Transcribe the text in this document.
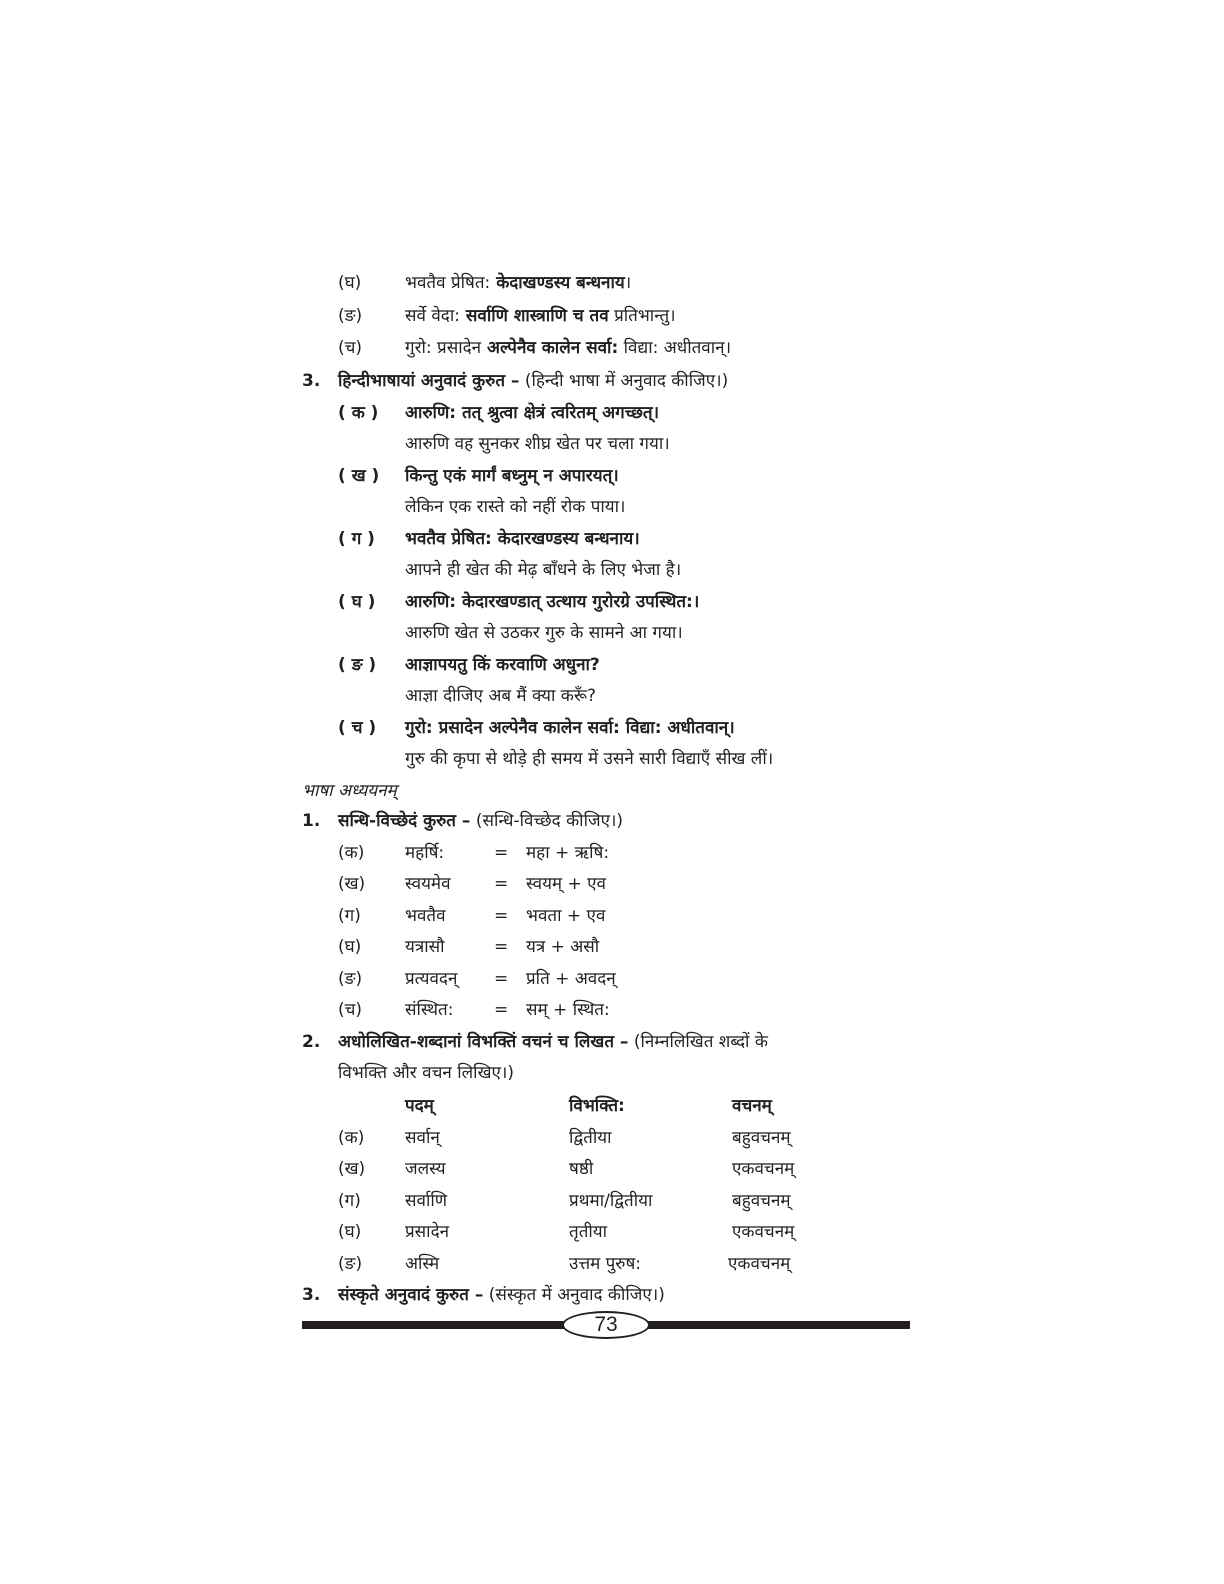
(घ)	भवतैव प्रेषित: केदाखण्डस्य बन्धनाय।
(ङ)	सर्वे वेदा: सर्वाणि शास्त्राणि च तव प्रतिभान्तु।
(च)	गुरो: प्रसादेन अल्पेनैव कालेन सर्वा: विद्या: अधीतवान्।
3. हिन्दीभाषायां अनुवादं कुरुत – (हिन्दी भाषा में अनुवाद कीजिए।)
( क ) आरुणि: तत् श्रुत्वा क्षेत्रं त्वरितम् अगच्छत्।
आरुणि वह सुनकर शीघ्र खेत पर चला गया।
( ख ) किन्तु एकं मार्गं बध्नुम् न अपारयत्।
लेकिन एक रास्ते को नहीं रोक पाया।
( ग ) भवतैव प्रेषित: केदारखण्डस्य बन्धनाय।
आपने ही खेत की मेढ़ बाँधने के लिए भेजा है।
( घ ) आरुणि: केदारखण्डात् उत्थाय गुरोरग्रे उपस्थित:।
आरुणि खेत से उठकर गुरु के सामने आ गया।
( ङ ) आज्ञापयतु किं करवाणि अधुना?
आज्ञा दीजिए अब मैं क्या करूँ?
( च ) गुरो: प्रसादेन अल्पेनैव कालेन सर्वा: विद्या: अधीतवान्।
गुरु की कृपा से थोड़े ही समय में उसने सारी विद्याएँ सीख लीं।
भाषा अध्ययनम्
1. सन्धि-विच्छेदं कुरुत – (सन्धि-विच्छेद कीजिए।)
(क) महर्षि:	= महा + ऋषि:
(ख) स्वयमेव	= स्वयम् + एव
(ग)	भवतैव	= भवता + एव
(घ)	यत्रासौ	= यत्र + असौ
(ङ)	प्रत्यवदन् = प्रति + अवदन्
(च)	संस्थित: = सम् + स्थित:
2. अधोलिखित-शब्दानां विभक्तिं वचनं च लिखत – (निम्नलिखित शब्दों के
विभक्ति और वचन लिखिए।)
पदम्	विभक्ति:	वचनम्
(क) सर्वान्	द्वितीया	बहुवचनम्
(ख) जलस्य	षष्ठी	एकवचनम्
(ग)	सर्वाणि	प्रथमा/द्वितीया	बहुवचनम्
(घ)	प्रसादेन	तृतीया	एकवचनम्
(ङ)	अस्मि	उत्तम पुरुष:	एकवचनम्
3. संस्कृते अनुवादं कुरुत – (संस्कृत में अनुवाद कीजिए।)
73
